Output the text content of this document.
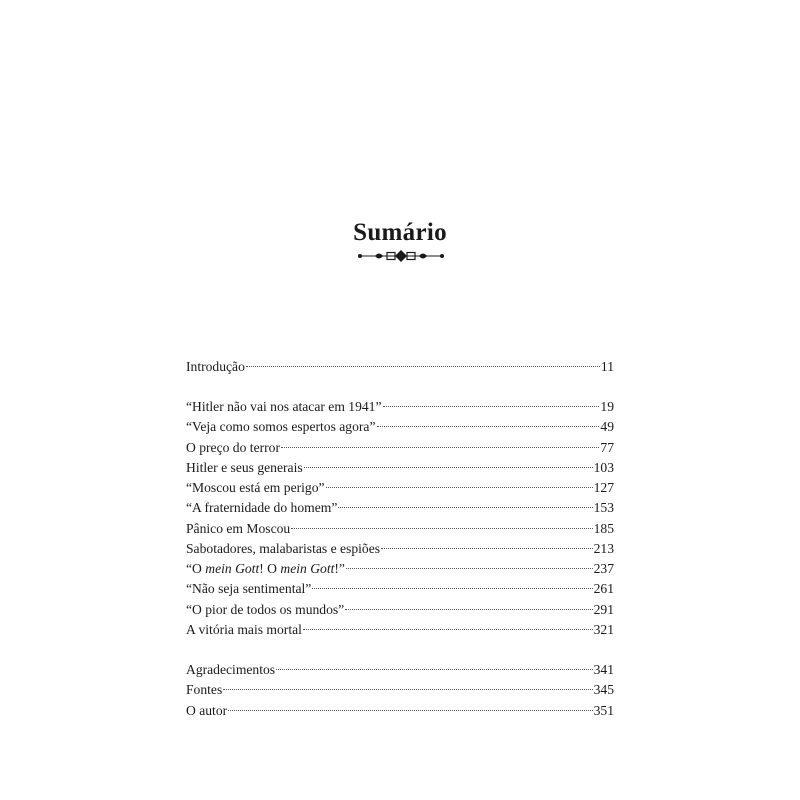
Sumário
Introdução	11
“Hitler não vai nos atacar em 1941”	19
“Veja como somos espertos agora”	49
O preço do terror	77
Hitler e seus generais	103
“Moscou está em perigo”	127
“A fraternidade do homem”	153
Pânico em Moscou	185
Sabotadores, malabaristas e espiões	213
“O mein Gott! O mein Gott!”	237
“Não seja sentimental”	261
“O pior de todos os mundos”	291
A vitória mais mortal	321
Agradecimentos	341
Fontes	345
O autor	351
